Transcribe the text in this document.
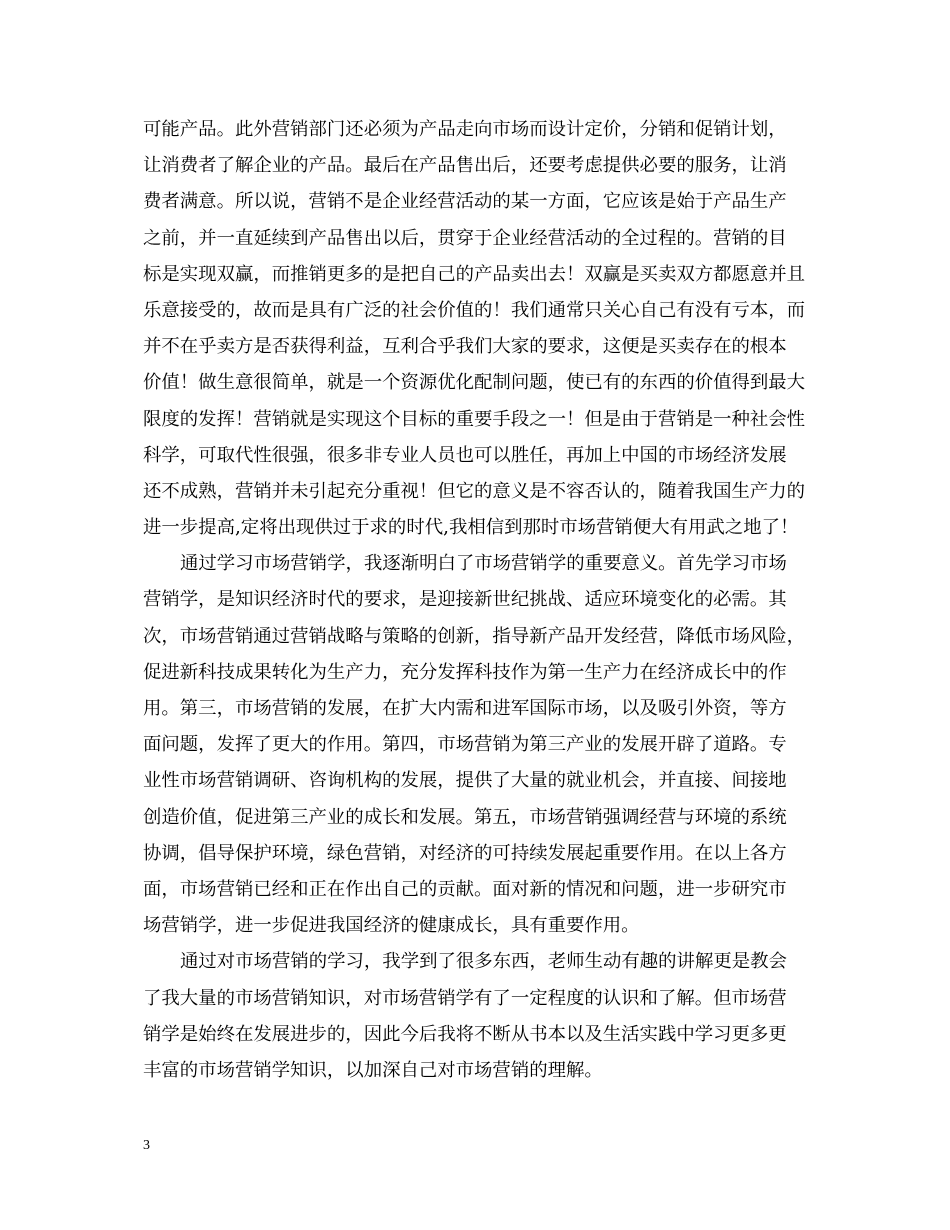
可能产品。此外营销部门还必须为产品走向市场而设计定价，分销和促销计划，
让消费者了解企业的产品。最后在产品售出后，还要考虑提供必要的服务，让消
费者满意。所以说，营销不是企业经营活动的某一方面，它应该是始于产品生产
之前，并一直延续到产品售出以后，贯穿于企业经营活动的全过程的。营销的目
标是实现双赢，而推销更多的是把自己的产品卖出去！双赢是买卖双方都愿意并且
乐意接受的，故而是具有广泛的社会价值的！我们通常只关心自己有没有亏本，而
并不在乎卖方是否获得利益，互利合乎我们大家的要求，这便是买卖存在的根本
价值！做生意很简单，就是一个资源优化配制问题，使已有的东西的价值得到最大
限度的发挥！营销就是实现这个目标的重要手段之一！但是由于营销是一种社会性
科学，可取代性很强，很多非专业人员也可以胜任，再加上中国的市场经济发展
还不成熟，营销并未引起充分重视！但它的意义是不容否认的，随着我国生产力的
进一步提高,定将出现供过于求的时代,我相信到那时市场营销便大有用武之地了！
通过学习市场营销学，我逐渐明白了市场营销学的重要意义。首先学习市场
营销学，是知识经济时代的要求，是迎接新世纪挑战、适应环境变化的必需。其
次，市场营销通过营销战略与策略的创新，指导新产品开发经营，降低市场风险，
促进新科技成果转化为生产力，充分发挥科技作为第一生产力在经济成长中的作
用。第三，市场营销的发展，在扩大内需和进军国际市场，以及吸引外资，等方
面问题，发挥了更大的作用。第四，市场营销为第三产业的发展开辟了道路。专
业性市场营销调研、咨询机构的发展，提供了大量的就业机会，并直接、间接地
创造价值，促进第三产业的成长和发展。第五，市场营销强调经营与环境的系统
协调，倡导保护环境，绿色营销，对经济的可持续发展起重要作用。在以上各方
面，市场营销已经和正在作出自己的贡献。面对新的情况和问题，进一步研究市
场营销学，进一步促进我国经济的健康成长，具有重要作用。
通过对市场营销的学习，我学到了很多东西，老师生动有趣的讲解更是教会
了我大量的市场营销知识，对市场营销学有了一定程度的认识和了解。但市场营
销学是始终在发展进步的，因此今后我将不断从书本以及生活实践中学习更多更
丰富的市场营销学知识，以加深自己对市场营销的理解。
3
